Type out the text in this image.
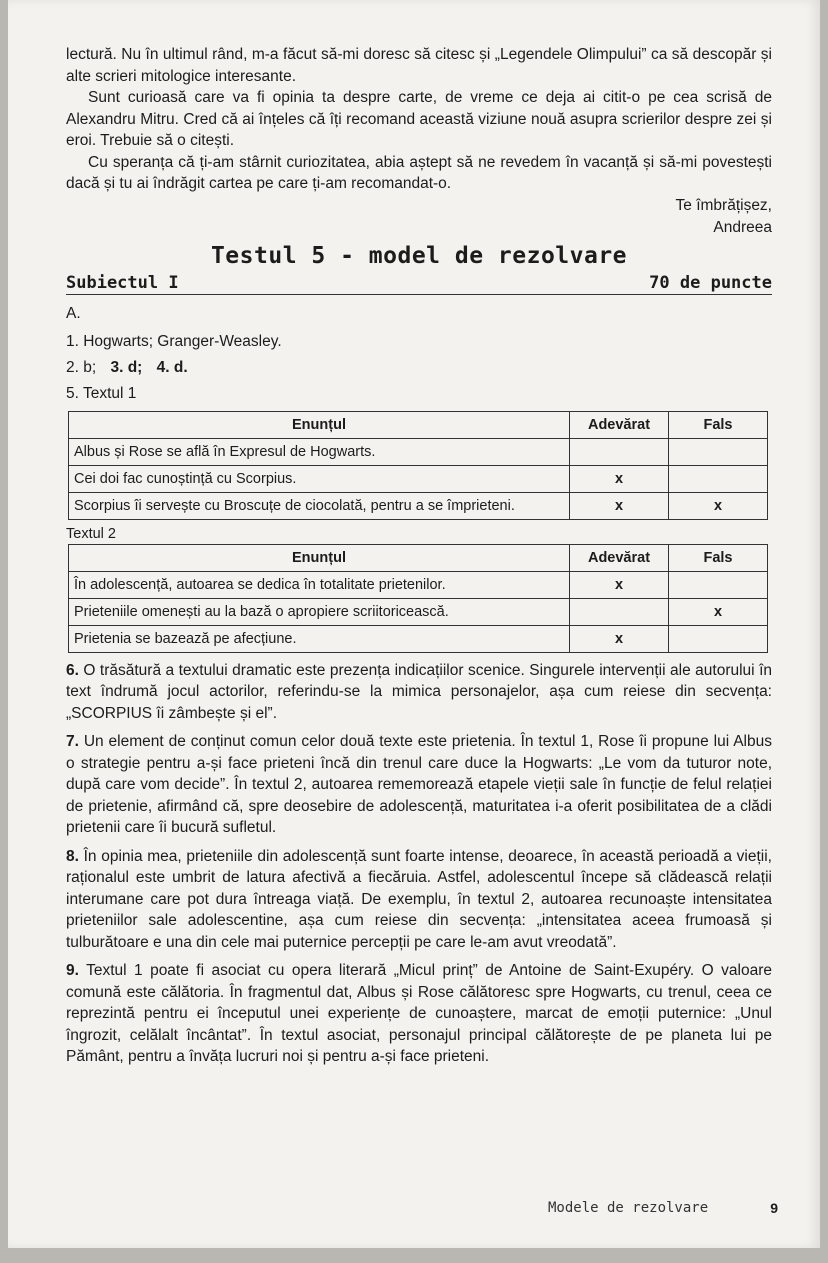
lectură. Nu în ultimul rând, m-a făcut să-mi doresc să citesc și „Legendele Olimpului” ca să descopăr și alte scrieri mitologice interesante.

Sunt curioasă care va fi opinia ta despre carte, de vreme ce deja ai citit-o pe cea scrisă de Alexandru Mitru. Cred că ai înțeles că îți recomand această viziune nouă asupra scrierilor despre zei și eroi. Trebuie să o citești.

Cu speranța că ți-am stârnit curiozitatea, abia aștept să ne revedem în vacanță și să-mi povestești dacă și tu ai îndrăgit cartea pe care ți-am recomandat-o.

Te îmbrățișez,
Andreea
Testul 5 - model de rezolvare
Subiectul I	70 de puncte
A.
1. Hogwarts; Granger-Weasley.
2. b; 3. d; 4. d.
5. Textul 1
Enunțul	Adevărat	Fals
Albus și Rose se află în Expresul de Hogwarts.		
Cei doi fac cunoștință cu Scorpius.	x	
Scorpius îi servește cu Broscuțe de ciocolată, pentru a se împrieteni.	x	x
Textul 2
Enunțul	Adevărat	Fals
În adolescență, autoarea se dedica în totalitate prietenilor.	x	
Prieteniile omenești au la bază o apropiere scriitoricească.		x
Prietenia se bazează pe afecțiune.	x	

6. O trăsătură a textului dramatic este prezența indicațiilor scenice. Singurele intervenții ale autorului în text îndrumă jocul actorilor, referindu-se la mimica personajelor, așa cum reiese din secvența: „SCORPIUS îi zâmbește și el”.

7. Un element de conținut comun celor două texte este prietenia. În textul 1, Rose îi propune lui Albus o strategie pentru a-și face prieteni încă din trenul care duce la Hogwarts: „Le vom da tuturor note, după care vom decide”. În textul 2, autoarea rememorează etapele vieții sale în funcție de felul relației de prietenie, afirmând că, spre deosebire de adolescență, maturitatea i-a oferit posibilitatea de a clădi prietenii care îi bucură sufletul.

8. În opinia mea, prieteniile din adolescență sunt foarte intense, deoarece, în această perioadă a vieții, raționalul este umbrit de latura afectivă a fiecăruia. Astfel, adolescentul începe să clădească relații interumane care pot dura întreaga viață. De exemplu, în textul 2, autoarea recunoaște intensitatea prieteniilor sale adolescentine, așa cum reiese din secvența: „intensitatea aceea frumoasă și tulburătoare e una din cele mai puternice percepții pe care le-am avut vreodată”.

9. Textul 1 poate fi asociat cu opera literară „Micul prinț” de Antoine de Saint-Exupéry. O valoare comună este călătoria. În fragmentul dat, Albus și Rose călătoresc spre Hogwarts, cu trenul, ceea ce reprezintă pentru ei începutul unei experiențe de cunoaștere, marcat de emoții puternice: „Unul îngrozit, celălalt încântat”. În textul asociat, personajul principal călătorește de pe planeta lui pe Pământ, pentru a învăța lucruri noi și pentru a-și face prieteni.

Modele de rezolvare	9
